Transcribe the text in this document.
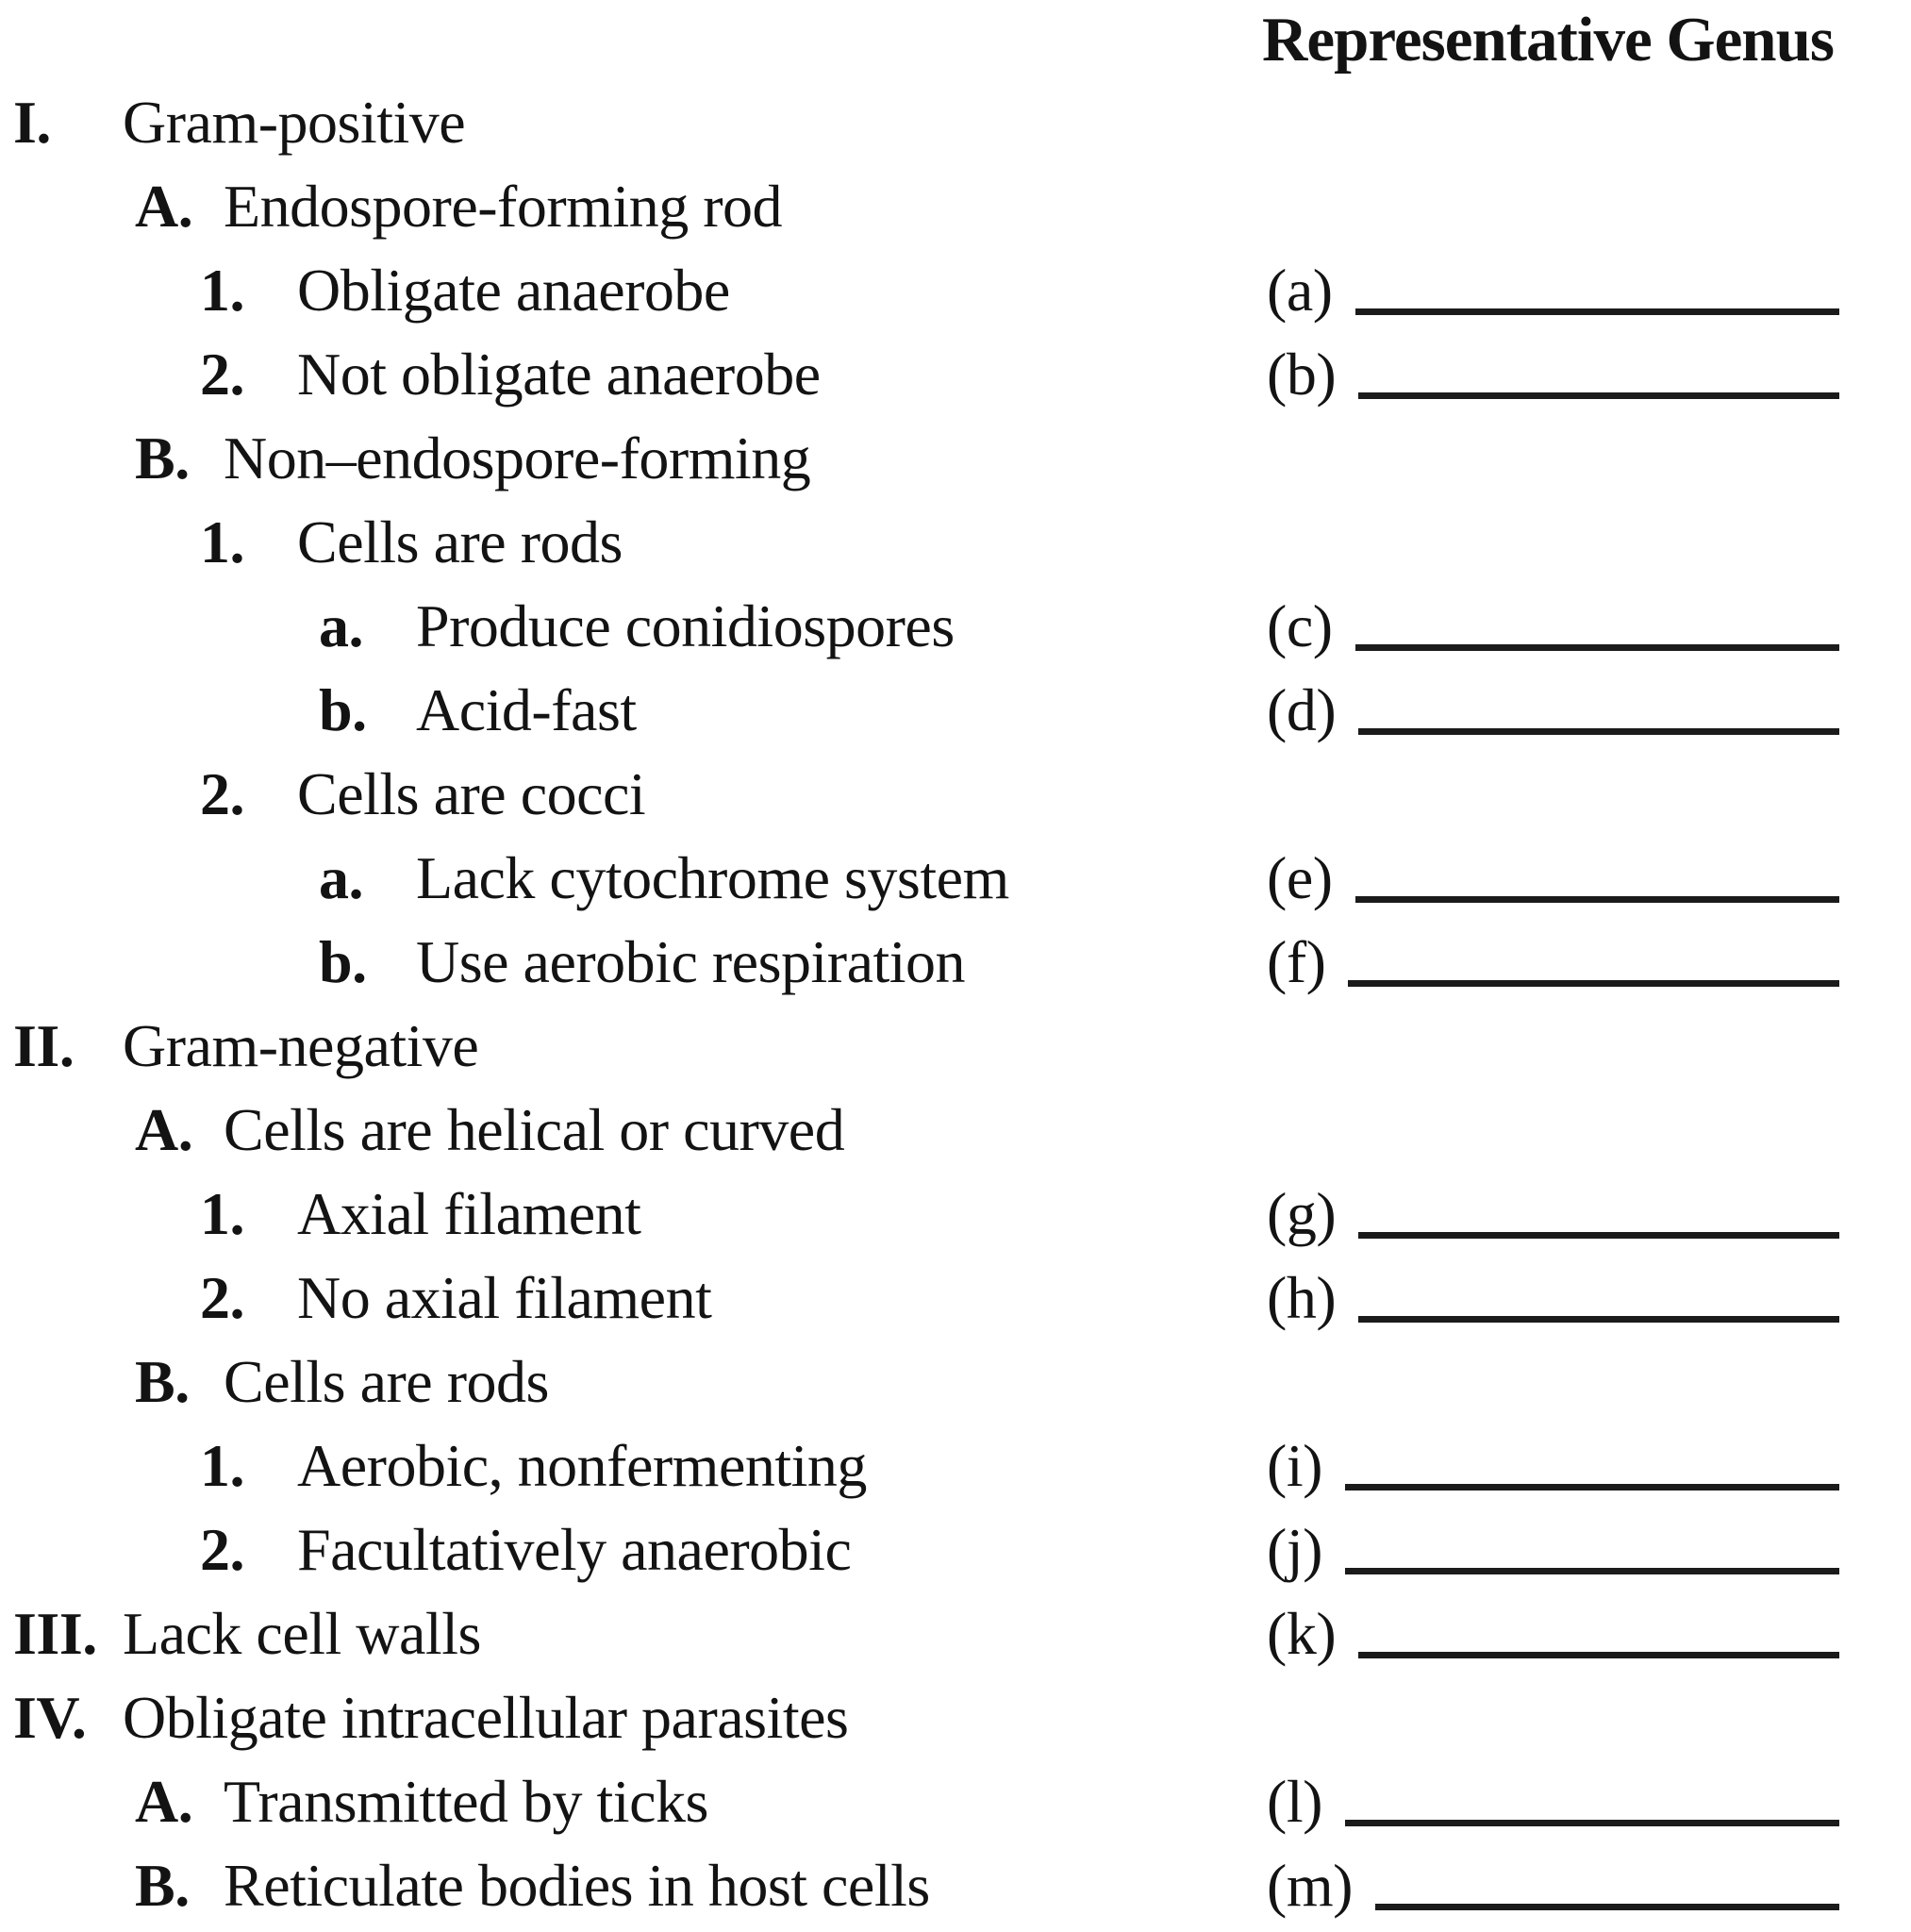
Representative Genus
I. Gram-positive
A. Endospore-forming rod
1. Obligate anaerobe	(a)
2. Not obligate anaerobe	(b)
B. Non–endospore-forming
1. Cells are rods
a. Produce conidiospores	(c)
b. Acid-fast	(d)
2. Cells are cocci
a. Lack cytochrome system	(e)
b. Use aerobic respiration	(f)
II. Gram-negative
A. Cells are helical or curved
1. Axial filament	(g)
2. No axial filament	(h)
B. Cells are rods
1. Aerobic, nonfermenting	(i)
2. Facultatively anaerobic	(j)
III. Lack cell walls	(k)
IV. Obligate intracellular parasites
A. Transmitted by ticks	(l)
B. Reticulate bodies in host cells	(m)
